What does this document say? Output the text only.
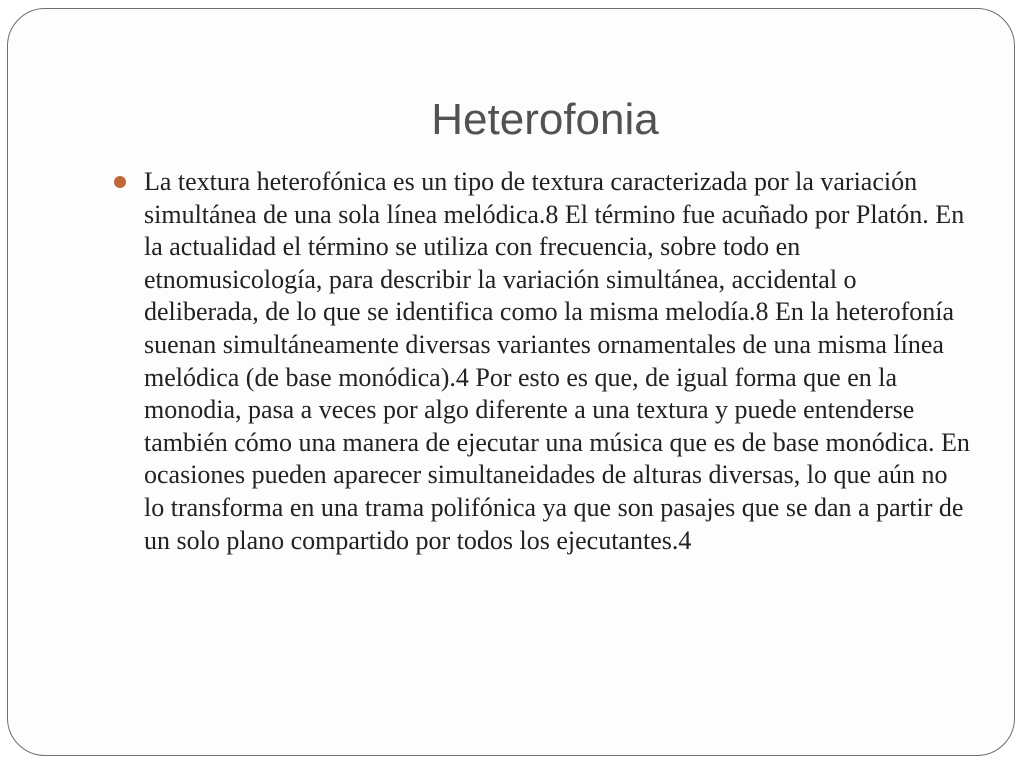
Heterofonia
La textura heterofónica es un tipo de textura caracterizada por la variación simultánea de una sola línea melódica.8 El término fue acuñado por Platón. En la actualidad el término se utiliza con frecuencia, sobre todo en etnomusicología, para describir la variación simultánea, accidental o deliberada, de lo que se identifica como la misma melodía.8 En la heterofonía suenan simultáneamente diversas variantes ornamentales de una misma línea melódica (de base monódica).4 Por esto es que, de igual forma que en la monodia, pasa a veces por algo diferente a una textura y puede entenderse también cómo una manera de ejecutar una música que es de base monódica. En ocasiones pueden aparecer simultaneidades de alturas diversas, lo que aún no lo transforma en una trama polifónica ya que son pasajes que se dan a partir de un solo plano compartido por todos los ejecutantes.4
